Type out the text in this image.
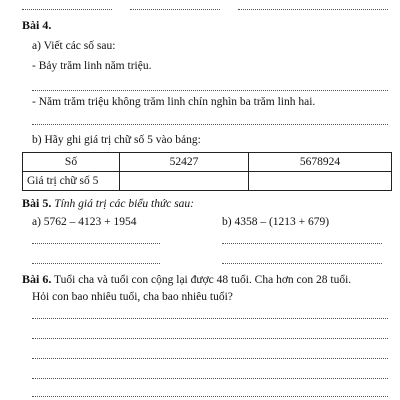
Bài 4.
a) Viết các số sau:
- Bảy trăm linh năm triệu.
- Năm trăm triệu không trăm linh chín nghìn ba trăm linh hai.
b) Hãy ghi giá trị chữ số 5 vào bảng:
Số	52427	5678924
Giá trị chữ số 5		
Bài 5. Tính giá trị các biểu thức sau:
a) 5762 – 4123 + 1954	b) 4358 – (1213 + 679)
Bài 6. Tuổi cha và tuổi con cộng lại được 48 tuổi. Cha hơn con 28 tuổi.
Hỏi con bao nhiêu tuổi, cha bao nhiêu tuổi?
